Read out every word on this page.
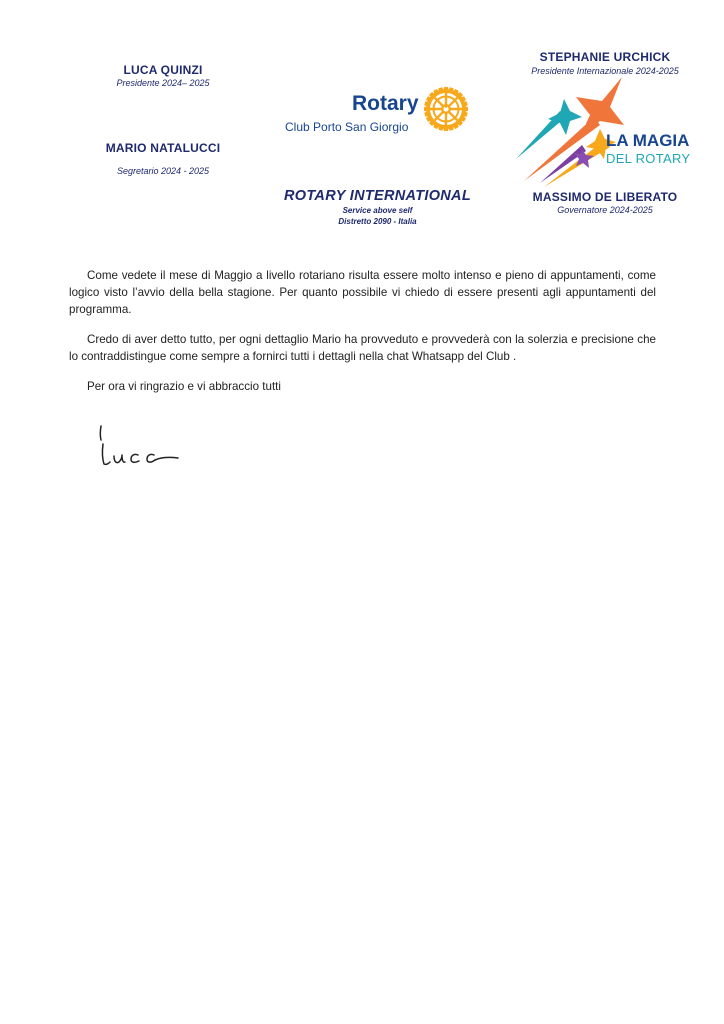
LUCA QUINZI
Presidente 2024– 2025
MARIO NATALUCCI
Segretario 2024 - 2025
Rotary
Club Porto San Giorgio
STEPHANIE URCHICK
Presidente Internazionale 2024-2025
LA MAGIA
DEL ROTARY
MASSIMO DE LIBERATO
Governatore 2024-2025
ROTARY INTERNATIONAL
Service above self
Distretto 2090 - Italia

Come vedete il mese di Maggio a livello rotariano risulta essere molto intenso e pieno di appuntamenti, come logico visto l’avvio della bella stagione. Per quanto possibile vi chiedo di essere presenti agli appuntamenti del programma.

Credo di aver detto tutto, per ogni dettaglio Mario ha provveduto e provvederà con la solerzia e precisione che lo contraddistingue come sempre a fornirci tutti i dettagli nella chat Whatsapp del Club .

Per ora vi ringrazio e vi abbraccio tutti
